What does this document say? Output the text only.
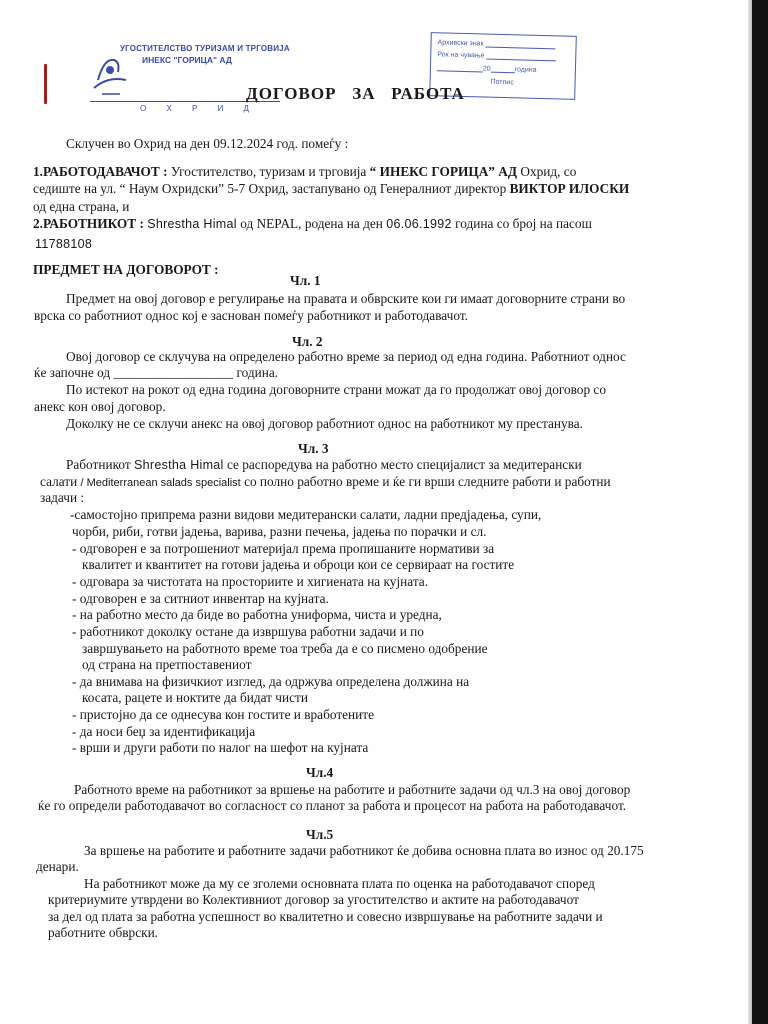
УГОСТИТЕЛСТВО ТУРИЗАМ И ТРГОВИЈА
ИНЕКС "ГОРИЦА" АД
О Х Р И Д
Архивски знак
Рок на чување
20	година
Потпис
ДОГОВОР   ЗА   РАБОТА
Склучен во Охрид на ден 09.12.2024 год. помеѓу :
1.РАБОТОДАВАЧОТ : Угостителство, туризам и трговија “ ИНЕКС ГОРИЦА” АД Охрид, со
седиште на ул. “ Наум Охридски” 5-7 Охрид, застапувано од Генералниот директор ВИКТОР ИЛОСКИ
од една страна, и
2.РАБОТНИКОТ : Shrestha Himal од NEPAL, родена на ден 06.06.1992 година со број на пасош
11788108
ПРЕДМЕТ НА ДОГОВОРОТ :
Чл. 1
Предмет на овој договор е регулирање на правата и обврските кои ги имаат договорните страни во
врска со работниот однос кој е заснован помеѓу работникот и работодавачот.
Чл. 2
Овој договор се склучува на определено работно време за период од една година. Работниот однос
ќе започне од __________________ година.
По истекот на рокот од една година договорните страни можат да го продолжат овој договор со
анекс кон овој договор.
Доколку не се склучи анекс на овој договор работниот однос на работникот му престанува.
Чл. 3
Работникот Shrestha Himal се распоредува на работно место специјалист за медитерански
салати / Mediterranean salads specialist со полно работно време и ќе ги врши следните работи и работни
задачи :
-самостојно припрема разни видови медитерански салати, ладни предјадења, супи,
чорби, риби, готви јадења, варива, разни печења, јадења по порачки и сл.
- одговорен е за потрошениот материјал према пропишаните нормативи за
квалитет и квантитет на готови јадења и оброци кои се сервираат на гостите
- одговара за чистотата на просториите и хигиената на кујната.
- одговорен е за ситниот инвентар на кујната.
- на работно место да биде во работна униформа, чиста и уредна,
- работникот доколку остане да извршува работни задачи и по
завршувањето на работното време тоа треба да е со писмено одобрение
од страна на претпоставениот
- да внимава на физичкиот изглед, да одржува определена должина на
косата, рацете и ноктите да бидат чисти
- пристојно да се однесува кон гостите и вработените
- да носи беџ за идентификација
- врши и други работи по налог на шефот на кујната
Чл.4
Работното време на работникот за вршење на работите и работните задачи од чл.3 на овој договор
ќе го определи работодавачот во согласност со планот за работа и процесот на работа на работодавачот.
Чл.5
За вршење на работите и работните задачи работникот ќе добива основна плата во износ од 20.175
денари.
На работникот може да му се зголеми основната плата по оценка на работодавачот според
критериумите утврдени во Колективниот договор за угостителство и актите на работодавачот
за дел од плата за работна успешност во квалитетно и совесно извршување на работните задачи и
работните обврски.
